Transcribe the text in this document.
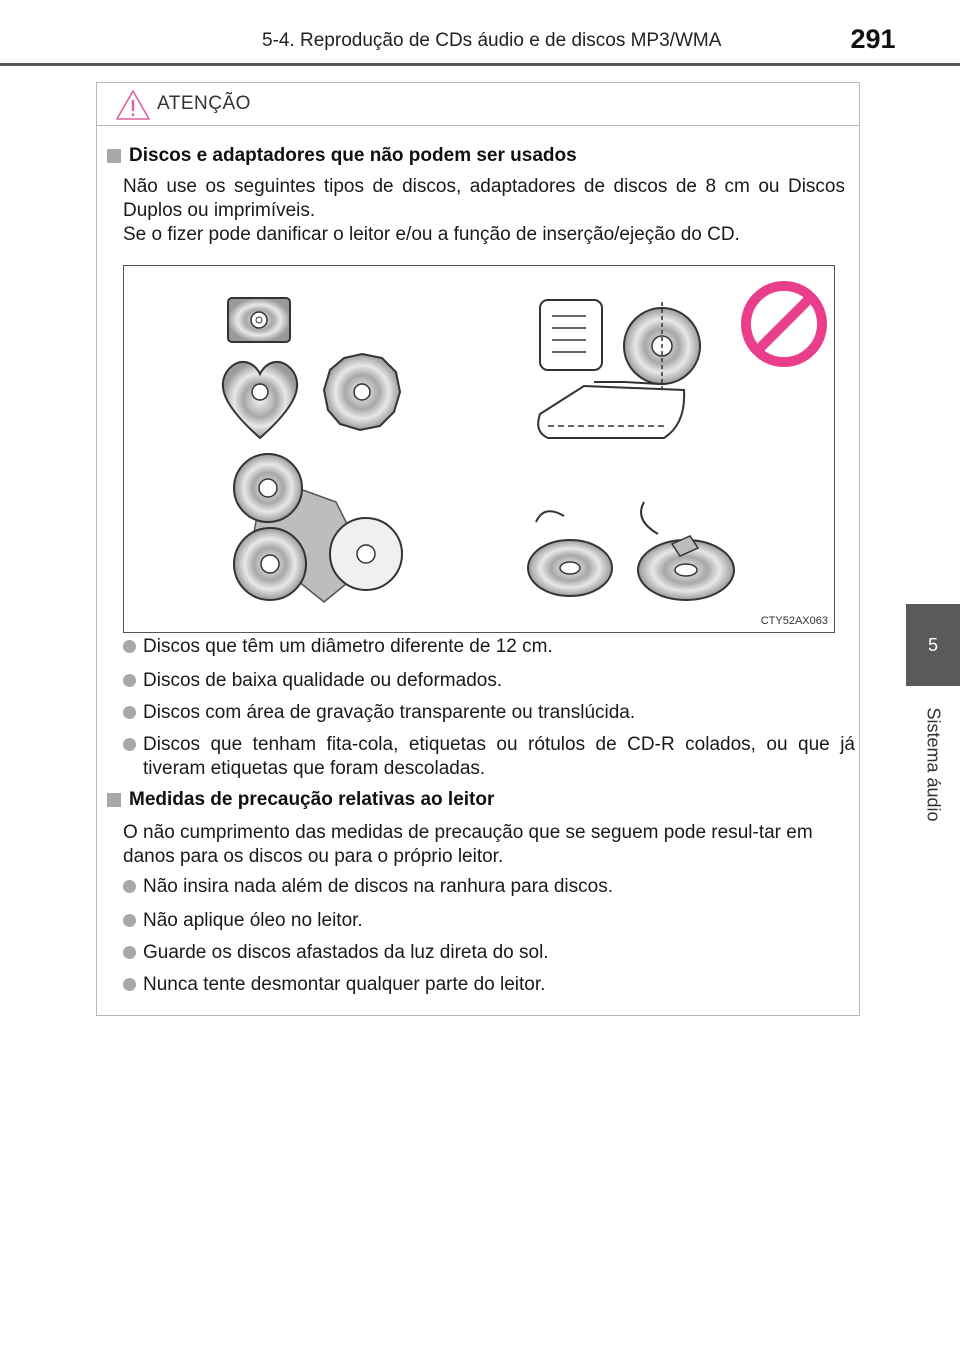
5-4. Reprodução de CDs áudio e de discos MP3/WMA	291
5
Sistema áudio
ATENÇÃO
Discos e adaptadores que não podem ser usados
Não use os seguintes tipos de discos, adaptadores de discos de 8 cm ou Discos Duplos ou imprimíveis.
Se o fizer pode danificar o leitor e/ou a função de inserção/ejeção do CD.
CTY52AX063
Discos que têm um diâmetro diferente de 12 cm.
Discos de baixa qualidade ou deformados.
Discos com área de gravação transparente ou translúcida.
Discos que tenham fita-cola, etiquetas ou rótulos de CD-R colados, ou que já tiveram etiquetas que foram descoladas.
Medidas de precaução relativas ao leitor
O não cumprimento das medidas de precaução que se seguem pode resul-tar em danos para os discos ou para o próprio leitor.
Não insira nada além de discos na ranhura para discos.
Não aplique óleo no leitor.
Guarde os discos afastados da luz direta do sol.
Nunca tente desmontar qualquer parte do leitor.
